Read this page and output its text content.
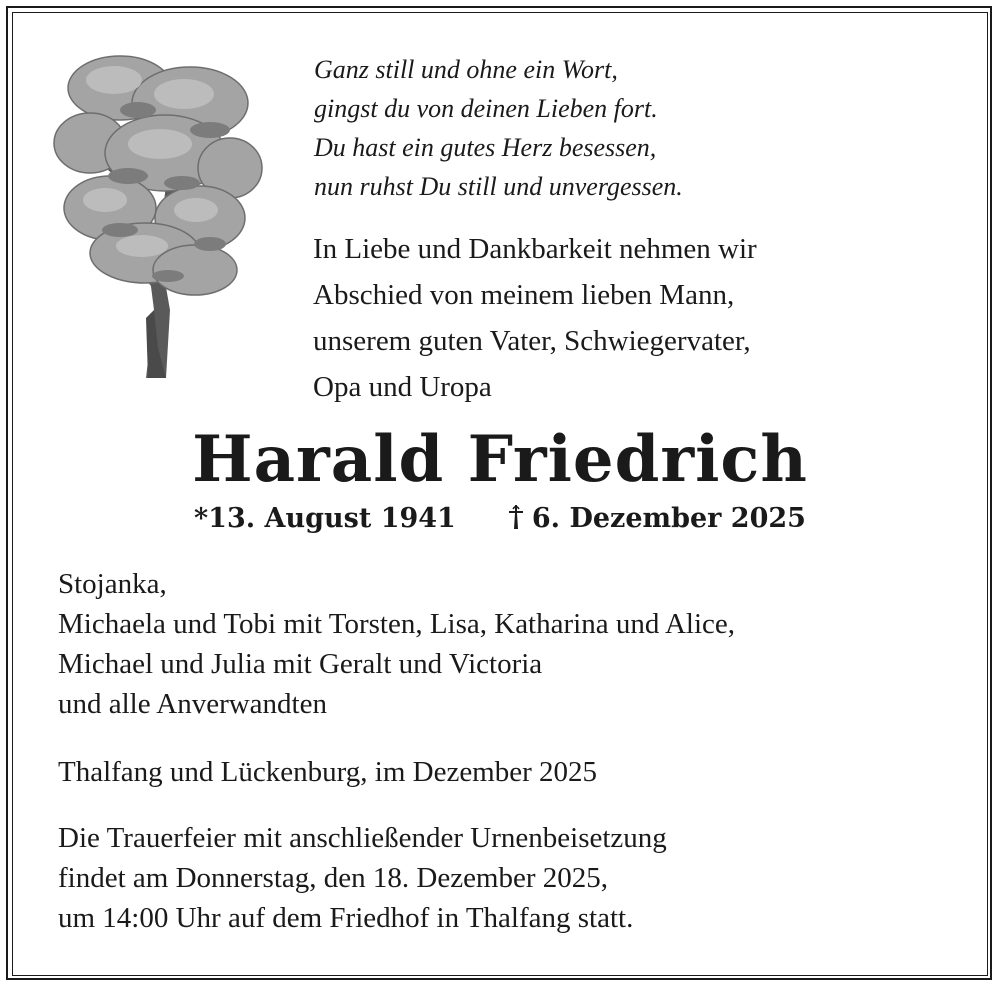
Ganz still und ohne ein Wort,
gingst du von deinen Lieben fort.
Du hast ein gutes Herz besessen,
nun ruhst Du still und unvergessen.
In Liebe und Dankbarkeit nehmen wir
Abschied von meinem lieben Mann,
unserem guten Vater, Schwiegervater,
Opa und Uropa
Harald Friedrich
*13. August 1941	6. Dezember 2025
Stojanka,
Michaela und Tobi mit Torsten, Lisa, Katharina und Alice,
Michael und Julia mit Geralt und Victoria
und alle Anverwandten
Thalfang und Lückenburg, im Dezember 2025
Die Trauerfeier mit anschließender Urnenbeisetzung
findet am Donnerstag, den 18. Dezember 2025,
um 14:00 Uhr auf dem Friedhof in Thalfang statt.
